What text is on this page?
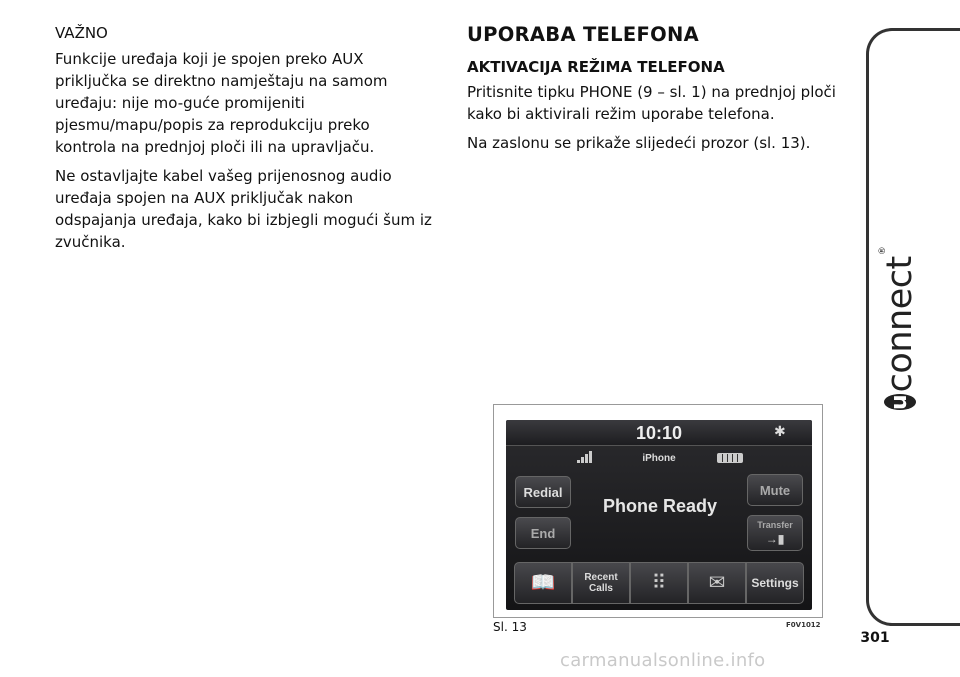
VAŽNO

Funkcije uređaja koji je spojen preko AUX priključka se direktno namještaju na samom uređaju: nije mo-guće promijeniti pjesmu/mapu/popis za reprodukciju preko kontrola na prednjoj ploči ili na upravljaču.

Ne ostavljajte kabel vašeg prijenosnog audio uređaja spojen na AUX priključak nakon odspajanja uređaja, kako bi izbjegli mogući šum iz zvučnika.

UPORABA TELEFONA
AKTIVACIJA REŽIMA TELEFONA

Pritisnite tipku PHONE (9 – sl. 1) na prednjoj ploči kako bi aktivirali režim uporabe telefona.

Na zaslonu se prikaže slijedeći prozor (sl. 13).

u
connect
®
301
10:10	✱
iPhone
Redial
End
Phone Ready
Mute
Transfer
→▮
📖	Recent
Calls ⠿ ✉	Settings
Sl. 13	F0V1012
carmanualsonline.info
